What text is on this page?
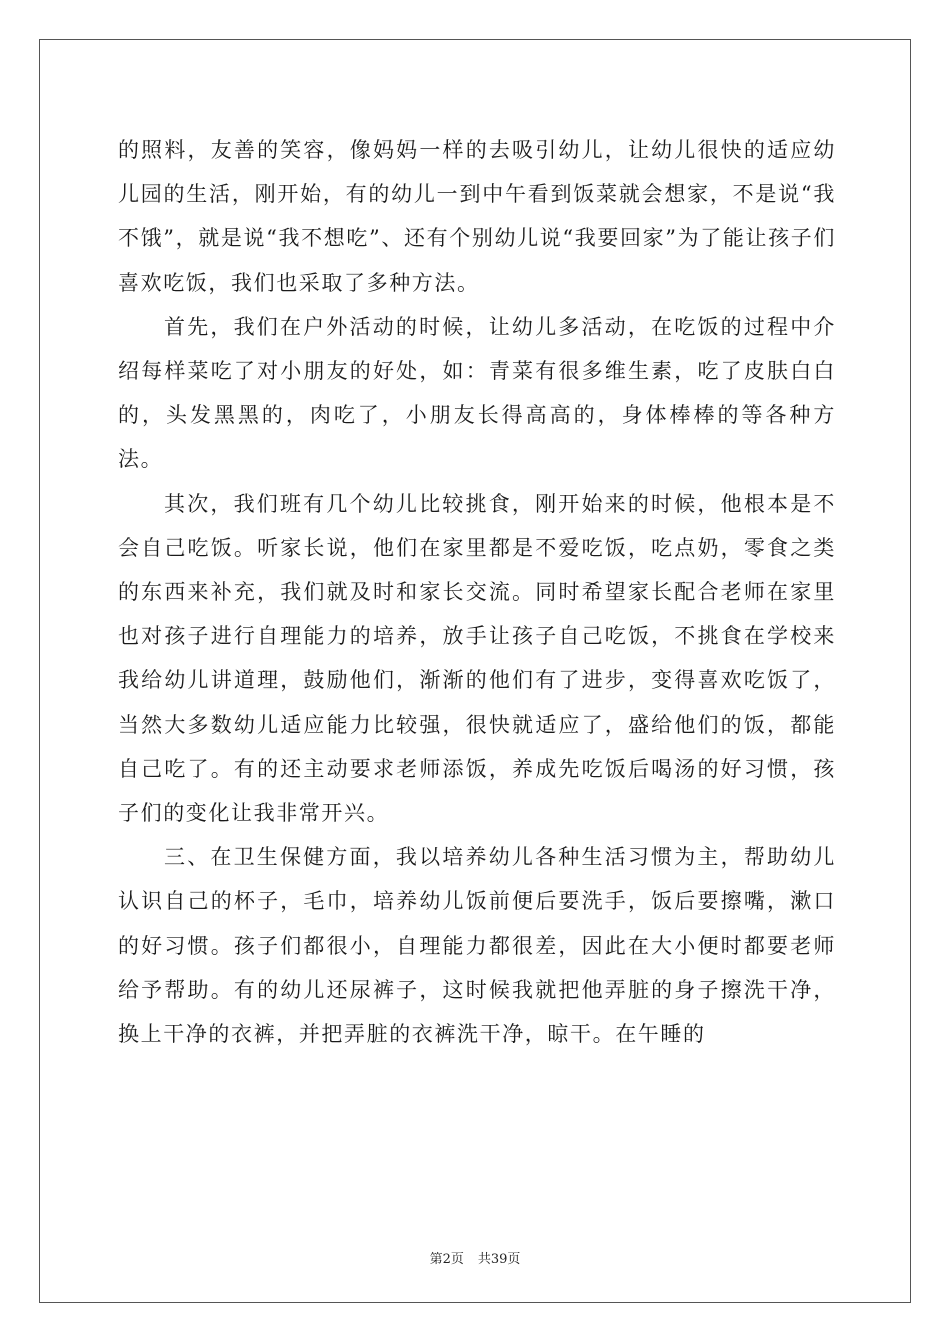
的照料，友善的笑容，像妈妈一样的去吸引幼儿，让幼儿很快的适应幼儿园的生活，刚开始，有的幼儿一到中午看到饭菜就会想家，不是说“我不饿”，就是说“我不想吃”、还有个别幼儿说“我要回家”为了能让孩子们喜欢吃饭，我们也采取了多种方法。

首先，我们在户外活动的时候，让幼儿多活动，在吃饭的过程中介绍每样菜吃了对小朋友的好处，如：青菜有很多维生素，吃了皮肤白白的，头发黑黑的，肉吃了，小朋友长得高高的，身体棒棒的等各种方法。

其次，我们班有几个幼儿比较挑食，刚开始来的时候，他根本是不会自己吃饭。听家长说，他们在家里都是不爱吃饭，吃点奶，零食之类的东西来补充，我们就及时和家长交流。同时希望家长配合老师在家里也对孩子进行自理能力的培养，放手让孩子自己吃饭，不挑食在学校来我给幼儿讲道理，鼓励他们，渐渐的他们有了进步，变得喜欢吃饭了，当然大多数幼儿适应能力比较强，很快就适应了，盛给他们的饭，都能自己吃了。有的还主动要求老师添饭，养成先吃饭后喝汤的好习惯，孩子们的变化让我非常开兴。

三、在卫生保健方面，我以培养幼儿各种生活习惯为主，帮助幼儿认识自己的杯子，毛巾，培养幼儿饭前便后要洗手，饭后要擦嘴，漱口的好习惯。孩子们都很小，自理能力都很差，因此在大小便时都要老师给予帮助。有的幼儿还尿裤子，这时候我就把他弄脏的身子擦洗干净，换上干净的衣裤，并把弄脏的衣裤洗干净，晾干。在午睡的

第2页 共39页
